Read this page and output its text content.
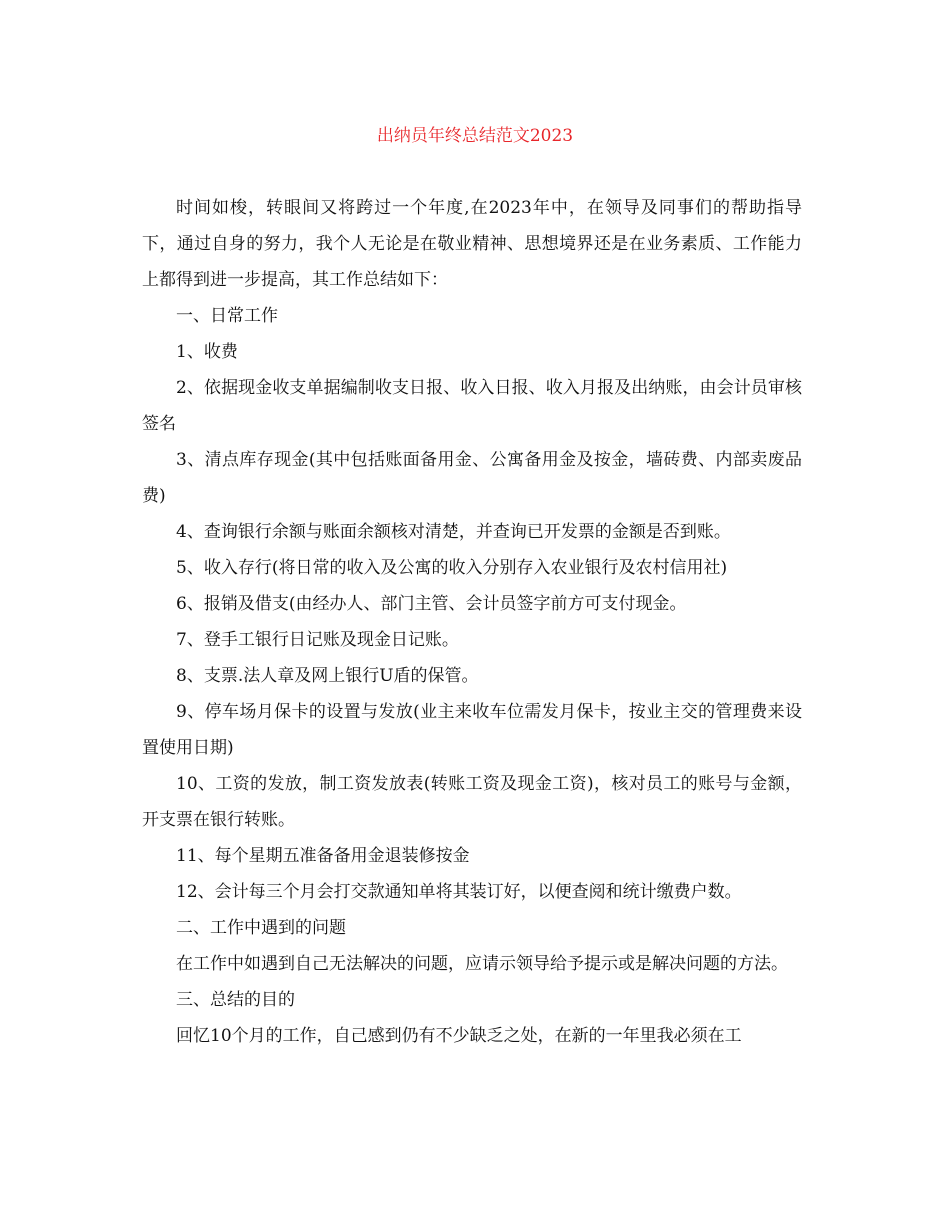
出纳员年终总结范文2023

时间如梭，转眼间又将跨过一个年度,在2023年中，在领导及同事们的帮助指导下，通过自身的努力，我个人无论是在敬业精神、思想境界还是在业务素质、工作能力上都得到进一步提高，其工作总结如下：

一、日常工作

1、收费

2、依据现金收支单据编制收支日报、收入日报、收入月报及出纳账，由会计员审核签名

3、清点库存现金(其中包括账面备用金、公寓备用金及按金，墙砖费、内部卖废品费)

4、查询银行余额与账面余额核对清楚，并查询已开发票的金额是否到账。

5、收入存行(将日常的收入及公寓的收入分别存入农业银行及农村信用社)

6、报销及借支(由经办人、部门主管、会计员签字前方可支付现金。

7、登手工银行日记账及现金日记账。

8、支票.法人章及网上银行U盾的保管。

9、停车场月保卡的设置与发放(业主来收车位需发月保卡，按业主交的管理费来设置使用日期)

10、工资的发放，制工资发放表(转账工资及现金工资)，核对员工的账号与金额，开支票在银行转账。

11、每个星期五准备备用金退装修按金

12、会计每三个月会打交款通知单将其装订好，以便查阅和统计缴费户数。

二、工作中遇到的问题

在工作中如遇到自己无法解决的问题，应请示领导给予提示或是解决问题的方法。

三、总结的目的

回忆10个月的工作，自己感到仍有不少缺乏之处，在新的一年里我必须在工
